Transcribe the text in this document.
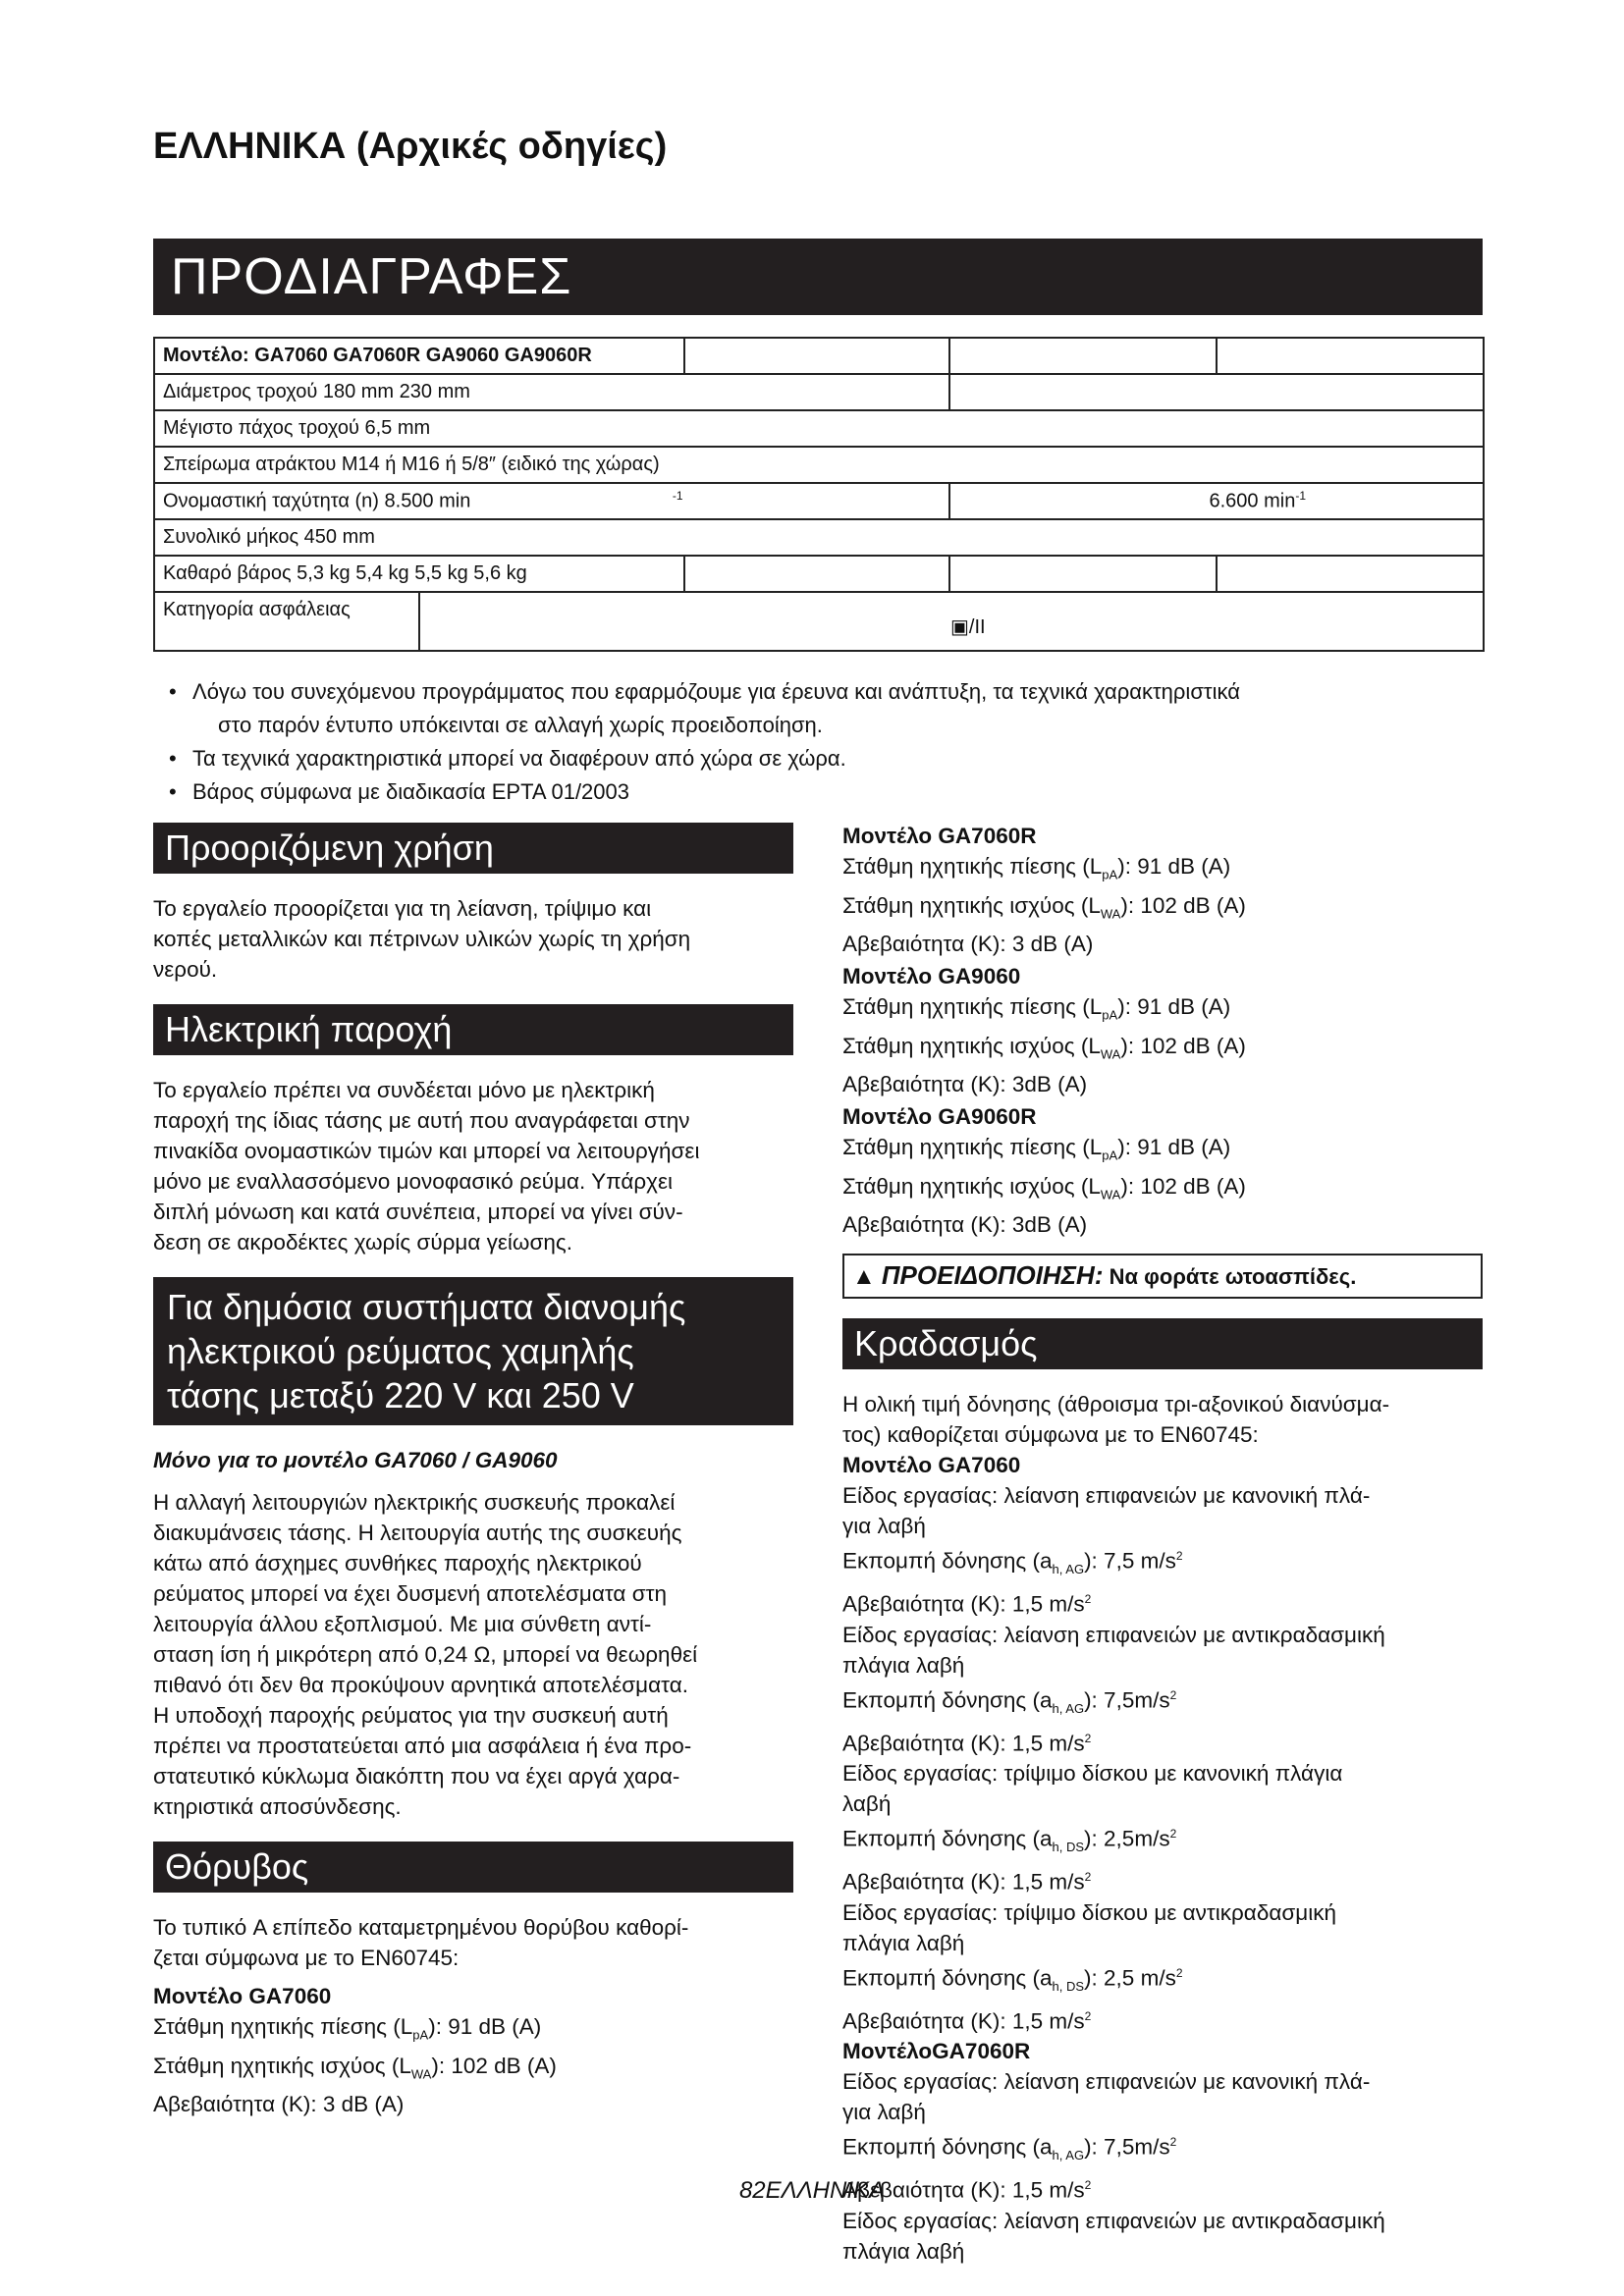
ΕΛΛΗΝΙΚΑ (Αρχικές οδηγίες)
ΠΡΟΔΙΑΓΡΑΦΕΣ
Μοντέλο: GA7060 GA7060R GA9060 GA9060R				
Διάμετρος τροχού 180 mm 230 mm				
Μέγιστο πάχος τροχού 6,5 mm				
Σπείρωμα ατράκτου M14 ή M16 ή 5/8″ (ειδικό της χώρας)				
Ονομαστική ταχύτητα (n) 8.500 min $^{-1}$			6.600 $\min^{-1}$
Συνολικό μήκος 450 mm				
Καθαρό βάρος 5,3 kg 5,4 kg 5,5 kg 5,6 kg				
Κατηγορία ασφάλειας	▣/II			
• Λόγω του συνεχόμενου προγράμματος που εφαρμόζουμε για έρευνα και ανάπτυξη, τα τεχνικά χαρακτηριστικά
στο παρόν έντυπο υπόκεινται σε αλλαγή χωρίς προειδοποίηση.
• Τα τεχνικά χαρακτηριστικά μπορεί να διαφέρουν από χώρα σε χώρα.
• Βάρος σύμφωνα με διαδικασία EPTA 01/2003
Προοριζόμενη χρήση

Το εργαλείο προορίζεται για τη λείανση, τρίψιμο και
κοπές μεταλλικών και πέτρινων υλικών χωρίς τη χρήση
νερού.

Ηλεκτρική παροχή

Το εργαλείο πρέπει να συνδέεται μόνο με ηλεκτρική
παροχή της ίδιας τάσης με αυτή που αναγράφεται στην
πινακίδα ονομαστικών τιμών και μπορεί να λειτουργήσει
μόνο με εναλλασσόμενο μονοφασικό ρεύμα. Υπάρχει
διπλή μόνωση και κατά συνέπεια, μπορεί να γίνει σύν-
δεση σε ακροδέκτες χωρίς σύρμα γείωσης.

Για δημόσια συστήματα διανομής
ηλεκτρικού ρεύματος χαμηλής
τάσης μεταξύ 220 V και 250 V

Μόνο για το μοντέλο GA7060 / GA9060

Η αλλαγή λειτουργιών ηλεκτρικής συσκευής προκαλεί
διακυμάνσεις τάσης. Η λειτουργία αυτής της συσκευής
κάτω από άσχημες συνθήκες παροχής ηλεκτρικού
ρεύματος μπορεί να έχει δυσμενή αποτελέσματα στη
λειτουργία άλλου εξοπλισμού. Με μια σύνθετη αντί-
σταση ίση ή μικρότερη από 0,24 Ω, μπορεί να θεωρηθεί
πιθανό ότι δεν θα προκύψουν αρνητικά αποτελέσματα.
Η υποδοχή παροχής ρεύματος για την συσκευή αυτή
πρέπει να προστατεύεται από μια ασφάλεια ή ένα προ-
στατευτικό κύκλωμα διακόπτη που να έχει αργά χαρα-
κτηριστικά αποσύνδεσης.

Θόρυβος

Το τυπικό A επίπεδο καταμετρημένου θορύβου καθορί-
ζεται σύμφωνα με το EN60745:

Μοντέλο GA7060
Στάθμη ηχητικής πίεσης $(L_{pA})$: 91 dB (A)
Στάθμη ηχητικής ισχύος $(L_{WA})$: 102 dB (A)
Αβεβαιότητα (K): 3 dB (A)
Μοντέλο GA7060R
Στάθμη ηχητικής πίεσης $(L_{pA})$: 91 dB (A)
Στάθμη ηχητικής ισχύος $(L_{WA})$: 102 dB (A)
Αβεβαιότητα (K): 3 dB (A)
Μοντέλο GA9060
Στάθμη ηχητικής πίεσης $(L_{pA})$: 91 dB (A)
Στάθμη ηχητικής ισχύος $(L_{WA})$: 102 dB (A)
Αβεβαιότητα (K): 3dB (A)
Μοντέλο GA9060R
Στάθμη ηχητικής πίεσης $(L_{pA})$: 91 dB (A)
Στάθμη ηχητικής ισχύος $(L_{WA})$: 102 dB (A)
Αβεβαιότητα (K): 3dB (A)
▲ ΠΡΟΕΙΔΟΠΟΙΗΣΗ: Να φοράτε ωτοασπίδες.
Κραδασμός

Η ολική τιμή δόνησης (άθροισμα τρι-αξονικού διανύσμα-
τος) καθορίζεται σύμφωνα με το EN60745:

Μοντέλο GA7060
Είδος εργασίας: λείανση επιφανειών με κανονική πλά-
για λαβή
Εκπομπή δόνησης $(a_{h, AG})$: 7,5 $m/s^2$
Αβεβαιότητα (K): 1,5 $m/s^2$
Είδος εργασίας: λείανση επιφανειών με αντικραδασμική
πλάγια λαβή
Εκπομπή δόνησης $(a_{h, AG})$: $7,5m/s^2$
Αβεβαιότητα (K): 1,5 $m/s^2$
Είδος εργασίας: τρίψιμο δίσκου με κανονική πλάγια
λαβή
Εκπομπή δόνησης $(a_{h, DS})$: $2,5m/s^2$
Αβεβαιότητα (K): 1,5 $m/s^2$
Είδος εργασίας: τρίψιμο δίσκου με αντικραδασμική
πλάγια λαβή
Εκπομπή δόνησης $(a_{h, DS})$: 2,5 $m/s^2$
Αβεβαιότητα (K): 1,5 $m/s^2$
ΜοντέλοGA7060R
Είδος εργασίας: λείανση επιφανειών με κανονική πλά-
για λαβή
Εκπομπή δόνησης $(a_{h, AG})$: $7,5m/s^2$
Αβεβαιότητα (K): 1,5 $m/s^2$
Είδος εργασίας: λείανση επιφανειών με αντικραδασμική
πλάγια λαβή
82ΕΛΛΗΝΙΚΑ
